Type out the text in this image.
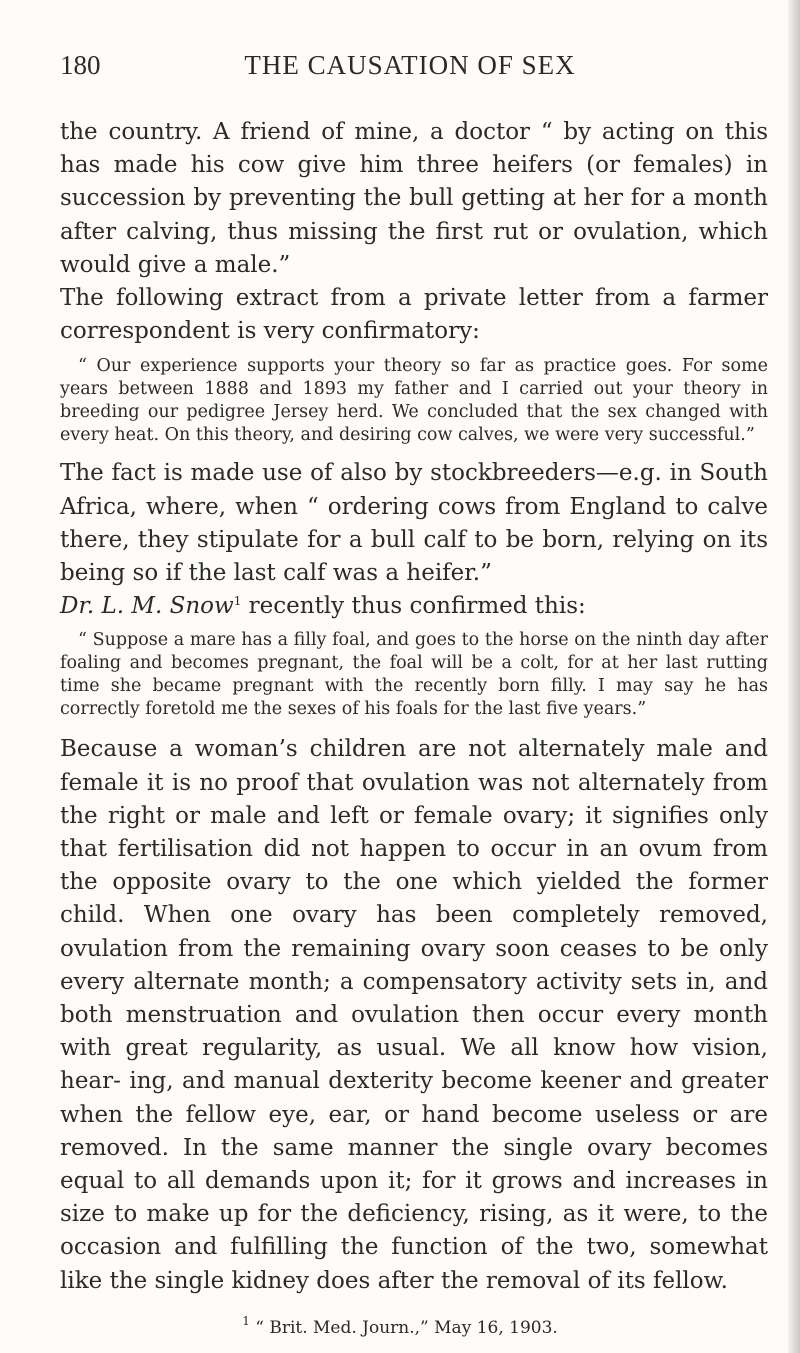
180	THE CAUSATION OF SEX

the country. A friend of mine, a doctor “ by acting on this has made his cow give him three heifers (or females) in succession by preventing the bull getting at her for a month after calving, thus missing the first rut or ovulation, which would give a male.”

The following extract from a private letter from a farmer correspondent is very confirmatory:

“ Our experience supports your theory so far as practice goes. For some years between 1888 and 1893 my father and I carried out your theory in breeding our pedigree Jersey herd. We concluded that the sex changed with every heat. On this theory, and desiring cow calves, we were very successful.”

The fact is made use of also by stockbreeders—e.g. in South Africa, where, when “ ordering cows from England to calve there, they stipulate for a bull calf to be born, relying on its being so if the last calf was a heifer.”

Dr. L. M. Snow$^1$ recently thus confirmed this:

“ Suppose a mare has a filly foal, and goes to the horse on the ninth day after foaling and becomes pregnant, the foal will be a colt, for at her last rutting time she became pregnant with the recently born filly. I may say he has correctly foretold me the sexes of his foals for the last five years.”

Because a woman’s children are not alternately male and female it is no proof that ovulation was not alternately from the right or male and left or female ovary; it signifies only that fertilisation did not happen to occur in an ovum from the opposite ovary to the one which yielded the former child. When one ovary has been completely removed, ovulation from the remaining ovary soon ceases to be only every alternate month; a compensatory activity sets in, and both menstruation and ovulation then occur every month with great regularity, as usual. We all know how vision, hear- ing, and manual dexterity become keener and greater when the fellow eye, ear, or hand become useless or are removed. In the same manner the single ovary becomes equal to all demands upon it; for it grows and increases in size to make up for the deficiency, rising, as it were, to the occasion and fulfilling the function of the two, somewhat like the single kidney does after the removal of its fellow.

$^1$ “ Brit. Med. Journ.,” May 16, 1903.
